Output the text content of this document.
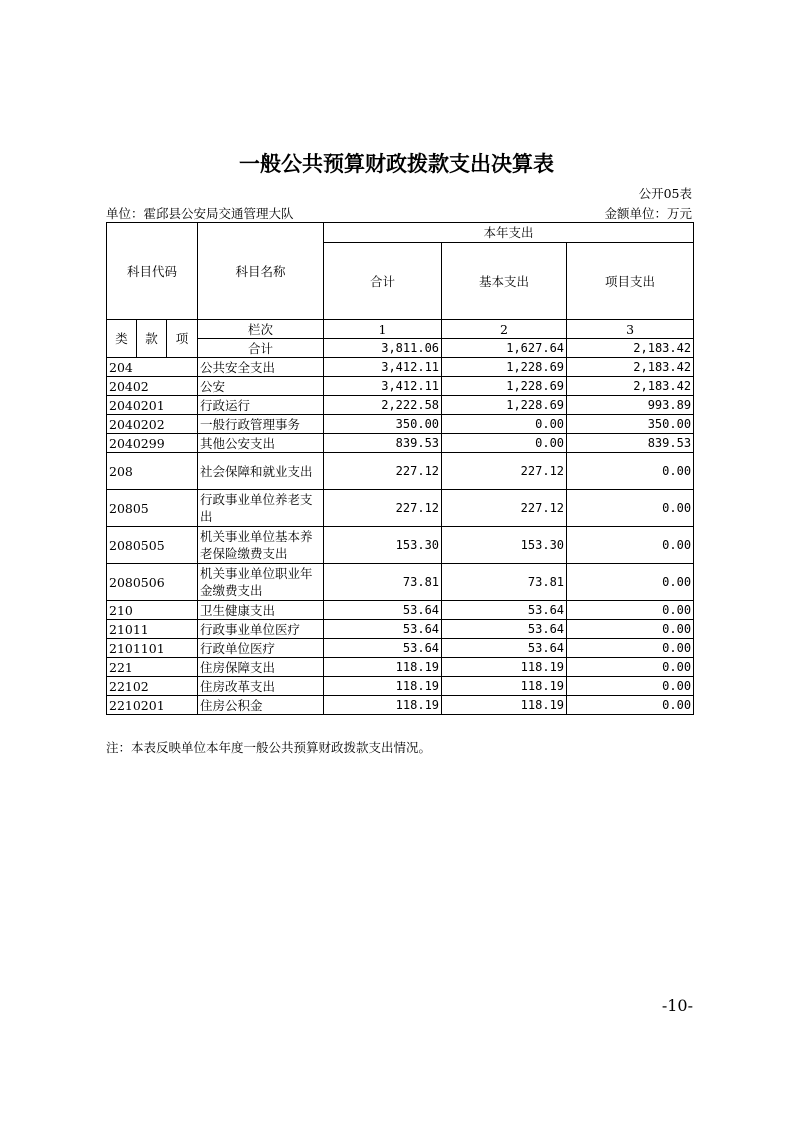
一般公共预算财政拨款支出决算表
公开05表
单位：霍邱县公安局交通管理大队	金额单位：万元
科目代码			科目名称	本年支出		
				合计	基本支出	项目支出
类	款	项	栏次	1	2	3
			合计	3,811.06	1,627.64	2,183.42
204			公共安全支出	3,412.11	1,228.69	2,183.42
20402			公安	3,412.11	1,228.69	2,183.42
2040201			行政运行	2,222.58	1,228.69	993.89
2040202			一般行政管理事务	350.00	0.00	350.00
2040299			其他公安支出	839.53	0.00	839.53
208			社会保障和就业支出	227.12	227.12	0.00
20805			行政事业单位养老支出	227.12	227.12	0.00
2080505			机关事业单位基本养老保险缴费支出	153.30	153.30	0.00
2080506			机关事业单位职业年金缴费支出	73.81	73.81	0.00
210			卫生健康支出	53.64	53.64	0.00
21011			行政事业单位医疗	53.64	53.64	0.00
2101101			行政单位医疗	53.64	53.64	0.00
221			住房保障支出	118.19	118.19	0.00
22102			住房改革支出	118.19	118.19	0.00
2210201			住房公积金	118.19	118.19	0.00
注：本表反映单位本年度一般公共预算财政拨款支出情况。
-10-
